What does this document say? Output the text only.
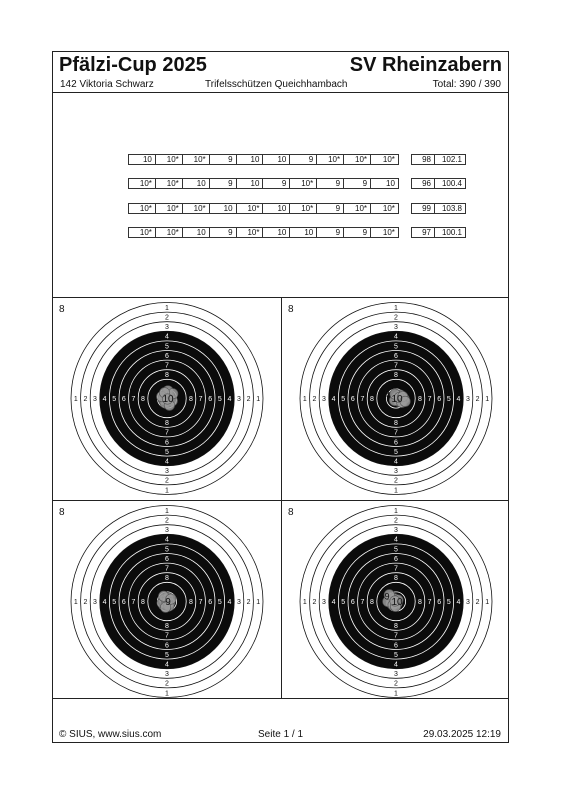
Pfälzi-Cup 2025	SV Rheinzabern
142 Viktoria Schwarz	Trifelsschützen Queichhambach	Total: 390 / 390
10	10*	10*	9	10	10	9	10*	10*	10*	98	102.1
10*	10*	10	9	10	9	10*	9	9	10	96	100.4
10*	10*	10*	10	10*	10	10*	9	10*	10*	99	103.8
10*	10*	10	9	10*	10	10	9	9	10*	97	100.1
8	1
1
1	1
2
2
2	2
3
3
3	3
4
4
4	4
5
5
5	5
6
6
6	6
7
7
7	7
8
8
8	8
10
8	1
1
1	1
2
2
2	2
3
3
3	3
4
4
4	4
5
5
5	5
6
6
6	6
7
7
7	7
8
8
8	8
10
9
8	1
1
1	1
2
2
2	2
3
3
3	3
4
4
4	4
5
5
5	5
6
6
6	6
7
7
7	7
8
8
8	8
9
8	1
1
1	1
2
2
2	2
3
3
3	3
4
4
4	4
5
5
5	5
6
6
6	6
7
7
7	7
8
8
8	8
10
9
© SIUS, www.sius.com	Seite 1 / 1	29.03.2025 12:19
